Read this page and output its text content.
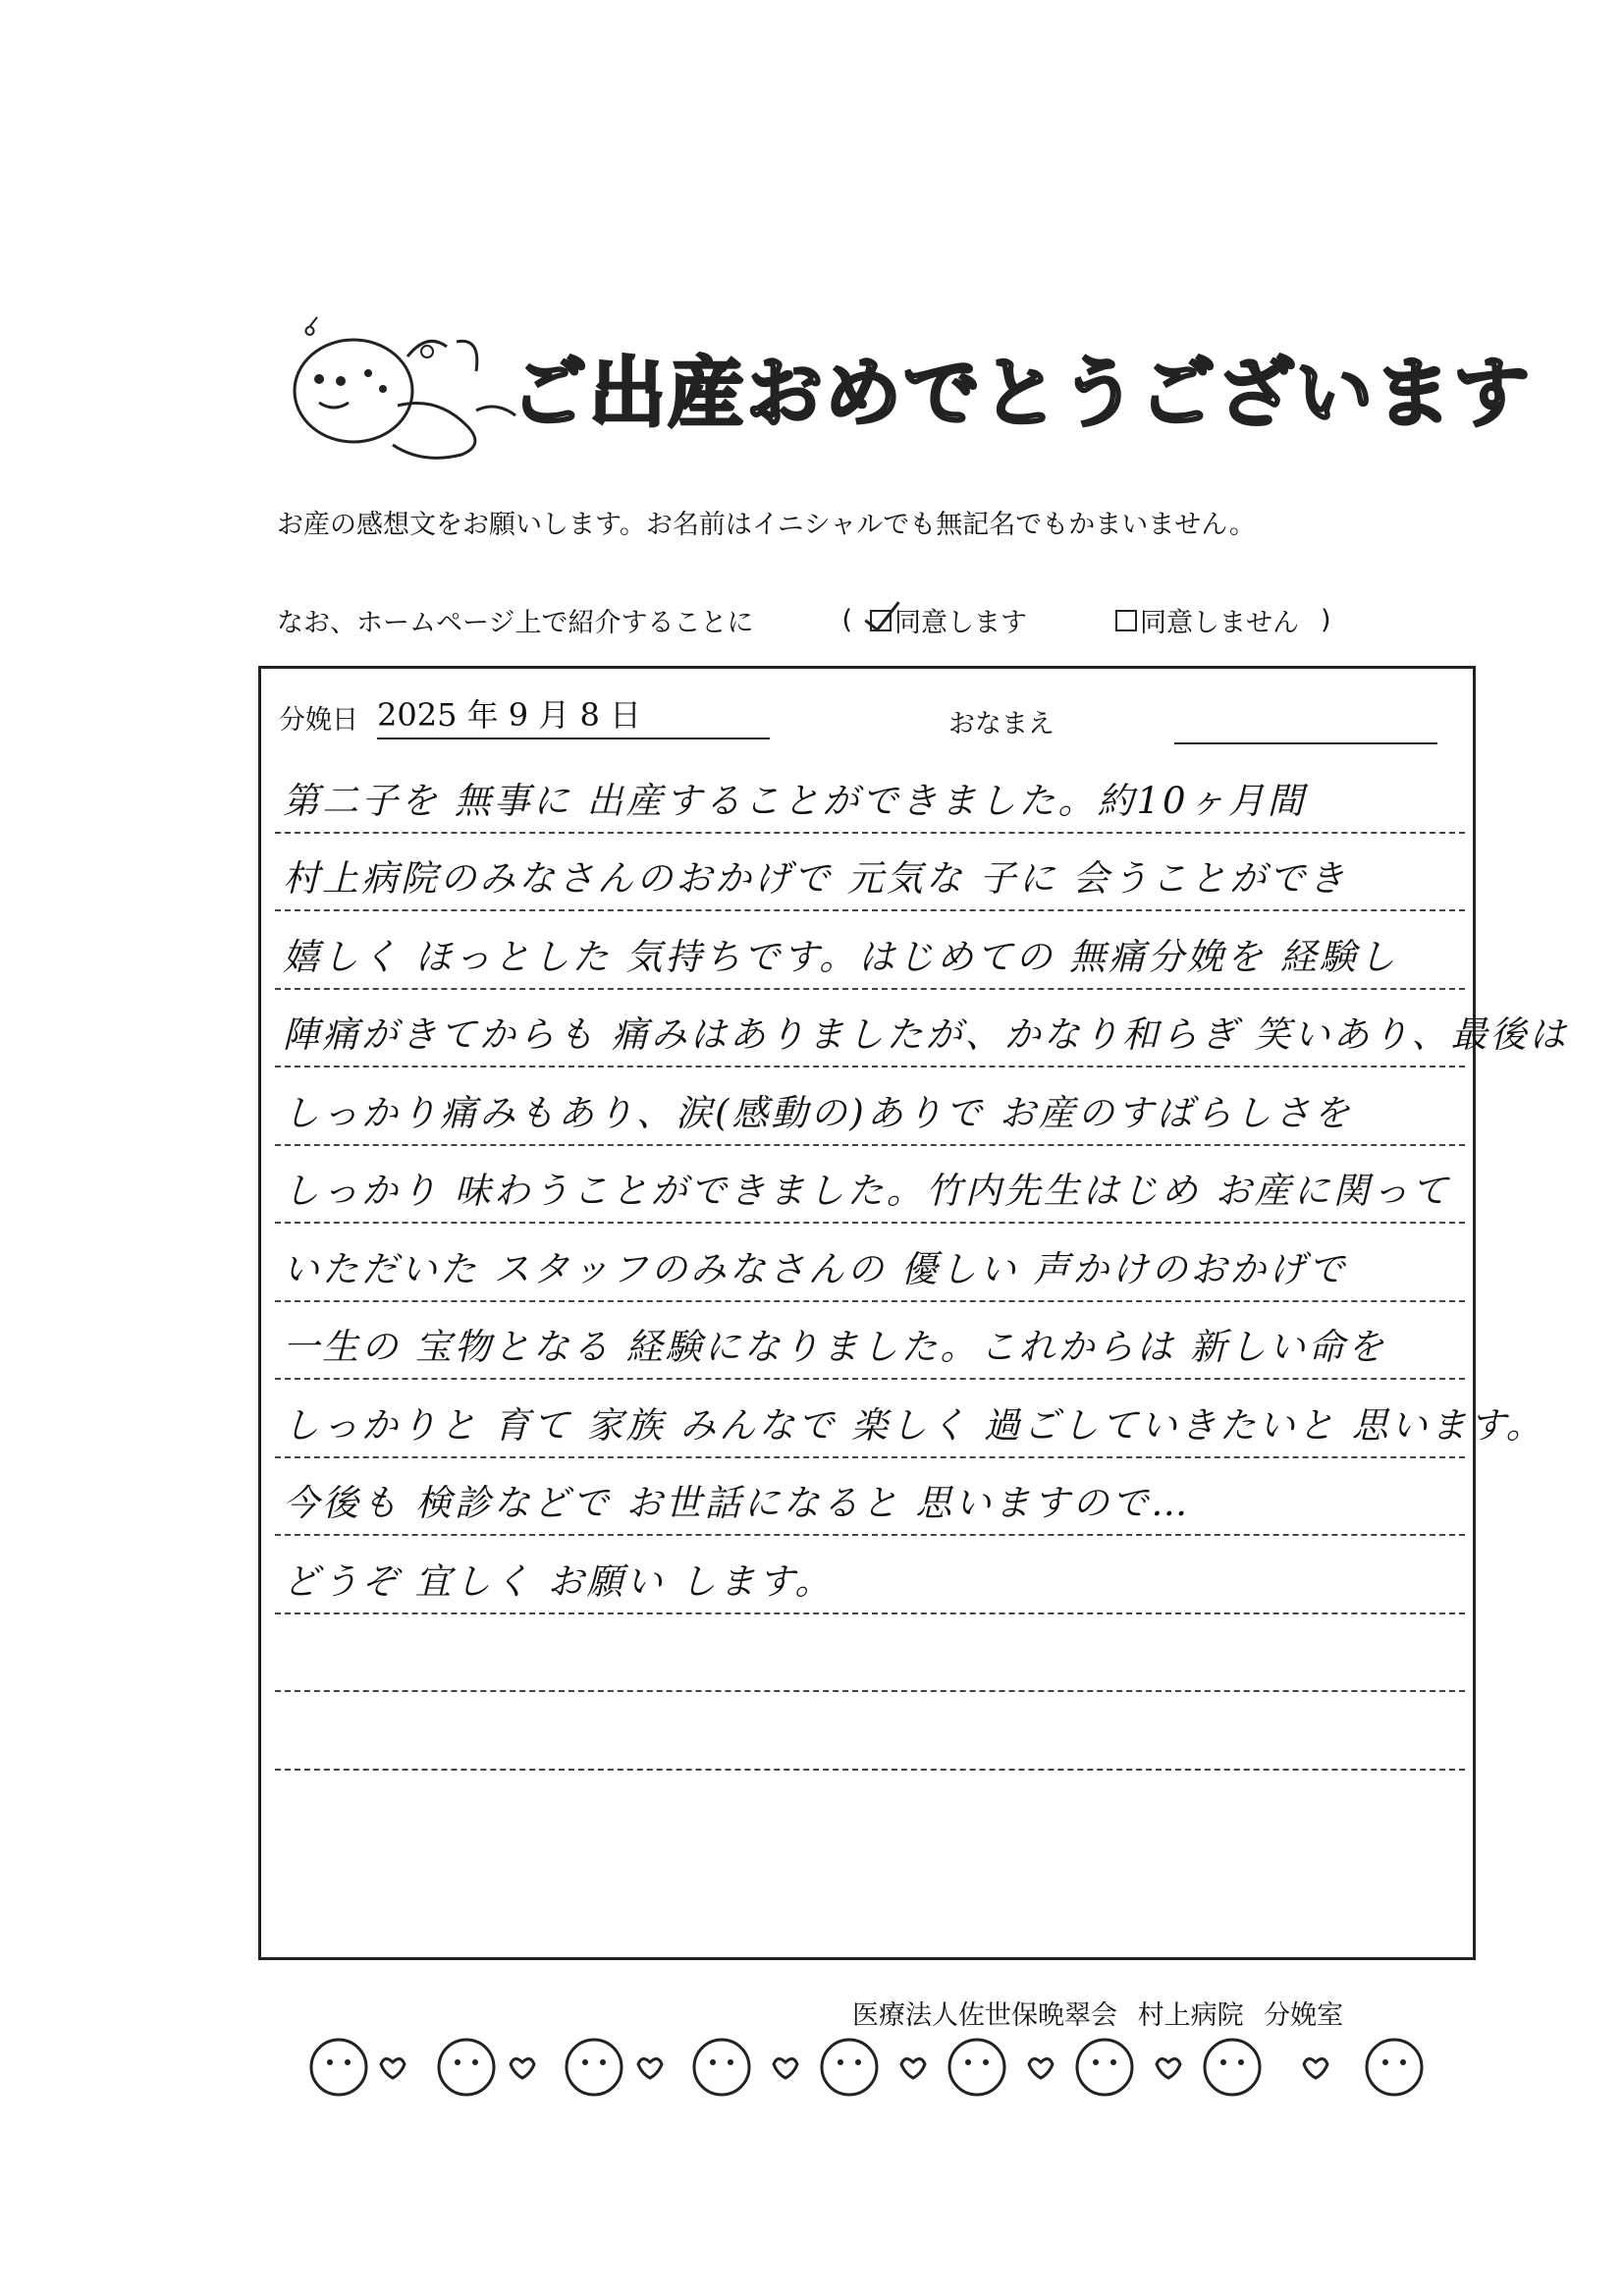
ご出産おめでとうございます
お産の感想文をお願いします。お名前はイニシャルでも無記名でもかまいません。
なお、ホームページ上で紹介することに	( 同意します	同意しません )
分娩日 2025 年 9 月 8 日	おなまえ
第二子を 無事に 出産することができました。約10ヶ月間
村上病院のみなさんのおかげで 元気な 子に 会うことができ
嬉しく ほっとした 気持ちです。はじめての 無痛分娩を 経験し
陣痛がきてからも 痛みはありましたが、かなり和らぎ 笑いあり、最後は
しっかり痛みもあり、涙(感動の)ありで お産のすばらしさを
しっかり 味わうことができました。竹内先生はじめ お産に関って
いただいた スタッフのみなさんの 優しい 声かけのおかげで
一生の 宝物となる 経験になりました。これからは 新しい命を
しっかりと 育て 家族 みんなで 楽しく 過ごしていきたいと 思います。
今後も 検診などで お世話になると 思いますので…
どうぞ 宜しく お願い します。
医療法人佐世保晩翠会 村上病院 分娩室
